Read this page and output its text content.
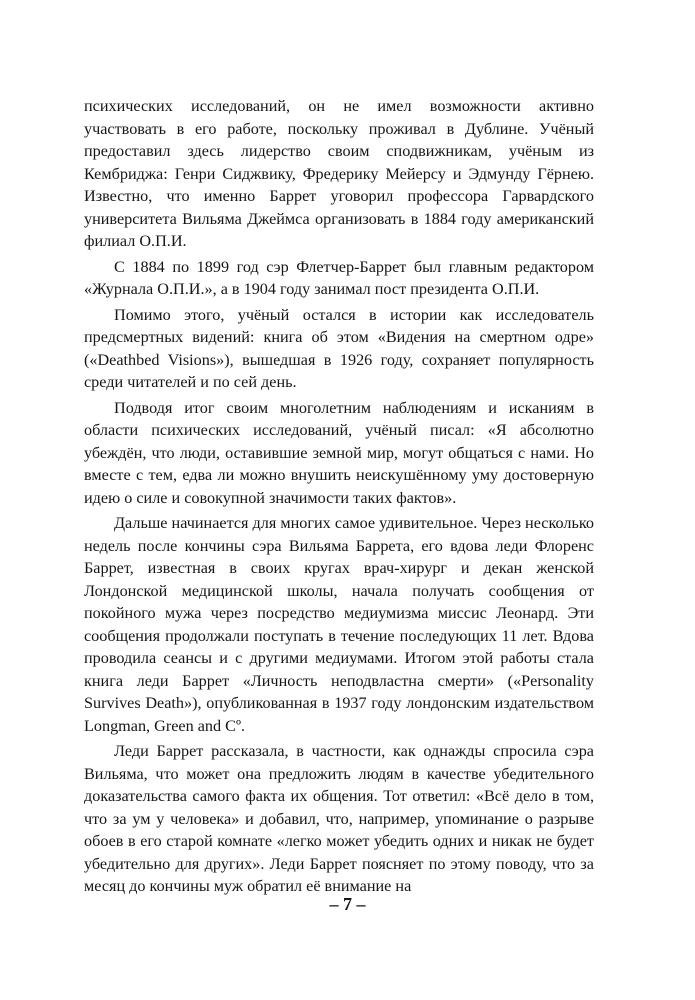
психических исследований, он не имел возможности активно участвовать в его работе, поскольку проживал в Дублине. Учёный предоставил здесь лидерство своим сподвижникам, учёным из Кембриджа: Генри Сиджвику, Фредерику Мейерсу и Эдмунду Гёрнею. Известно, что именно Баррет уговорил профессора Гарвардского университета Вильяма Джеймса организовать в 1884 году американский филиал О.П.И.

С 1884 по 1899 год сэр Флетчер-Баррет был главным редактором «Журнала О.П.И.», а в 1904 году занимал пост президента О.П.И.

Помимо этого, учёный остался в истории как исследователь предсмертных видений: книга об этом «Видения на смертном одре» («Deathbed Visions»), вышедшая в 1926 году, сохраняет популярность среди читателей и по сей день.

Подводя итог своим многолетним наблюдениям и исканиям в области психических исследований, учёный писал: «Я абсолютно убеждён, что люди, оставившие земной мир, могут общаться с нами. Но вместе с тем, едва ли можно внушить неискушённому уму достоверную идею о силе и совокупной значимости таких фактов».

Дальше начинается для многих самое удивительное. Через несколько недель после кончины сэра Вильяма Баррета, его вдова леди Флоренс Баррет, известная в своих кругах врач-хирург и декан женской Лондонской медицинской школы, начала получать сообщения от покойного мужа через посредство медиумизма миссис Леонард. Эти сообщения продолжали поступать в течение последующих 11 лет. Вдова проводила сеансы и с другими медиумами. Итогом этой работы стала книга леди Баррет «Личность неподвластна смерти» («Personality Survives Death»), опубликованная в 1937 году лондонским издательством Longman, Green and Cº.

Леди Баррет рассказала, в частности, как однажды спросила сэра Вильяма, что может она предложить людям в качестве убедительного доказательства самого факта их общения. Тот ответил: «Всё дело в том, что за ум у человека» и добавил, что, например, упоминание о разрыве обоев в его старой комнате «легко может убедить одних и никак не будет убедительно для других». Леди Баррет поясняет по этому поводу, что за месяц до кончины муж обратил её внимание на

– 7 –
